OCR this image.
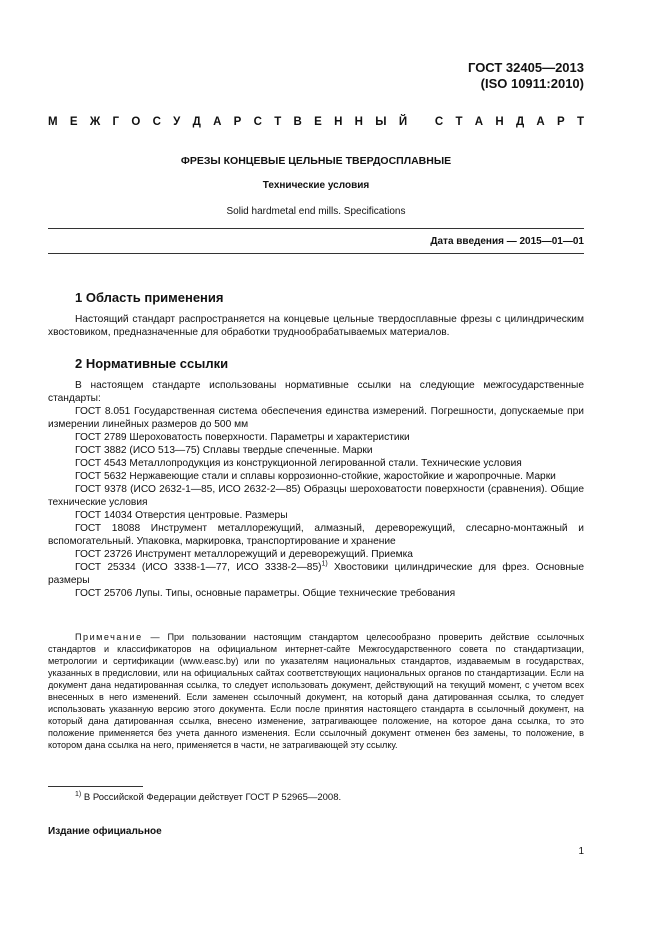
ГОСТ 32405—2013
(ISO 10911:2010)
М Е Ж Г О С У Д А Р С Т В Е Н Н Ы Й
С Т А Н Д А Р Т
ФРЕЗЫ КОНЦЕВЫЕ ЦЕЛЬНЫЕ ТВЕРДОСПЛАВНЫЕ
Технические условия
Solid hardmetal end mills. Specifications
Дата введения — 2015—01—01
1 Область применения

Настоящий стандарт распространяется на концевые цельные твердосплавные фрезы с цилиндрическим хвостовиком, предназначенные для обработки труднообрабатываемых материалов.

2 Нормативные ссылки

В настоящем стандарте использованы нормативные ссылки на следующие межгосударственные стандарты:

ГОСТ 8.051 Государственная система обеспечения единства измерений. Погрешности, допускаемые при измерении линейных размеров до 500 мм

ГОСТ 2789 Шероховатость поверхности. Параметры и характеристики

ГОСТ 3882 (ИСО 513—75) Сплавы твердые спеченные. Марки

ГОСТ 4543 Металлопродукция из конструкционной легированной стали. Технические условия

ГОСТ 5632 Нержавеющие стали и сплавы коррозионно-стойкие, жаростойкие и жаропрочные. Марки

ГОСТ 9378 (ИСО 2632-1—85, ИСО 2632-2—85) Образцы шероховатости поверхности (сравнения). Общие технические условия

ГОСТ 14034 Отверстия центровые. Размеры

ГОСТ 18088 Инструмент металлорежущий, алмазный, дереворежущий, слесарно-монтажный и вспомогательный. Упаковка, маркировка, транспортирование и хранение

ГОСТ 23726 Инструмент металлорежущий и дереворежущий. Приемка

ГОСТ 25334 (ИСО 3338-1—77, ИСО 3338-2—85)$^{1)}$ Хвостовики цилиндрические для фрез. Основные размеры

ГОСТ 25706 Лупы. Типы, основные параметры. Общие технические требования

Примечание — При пользовании настоящим стандартом целесообразно проверить действие ссылочных стандартов и классификаторов на официальном интернет-сайте Межгосударственного совета по стандартизации, метрологии и сертификации (www.easc.by) или по указателям национальных стандартов, издаваемым в государствах, указанных в предисловии, или на официальных сайтах соответствующих национальных органов по стандартизации. Если на документ дана недатированная ссылка, то следует использовать документ, действующий на текущий момент, с учетом всех внесенных в него изменений. Если заменен ссылочный документ, на который дана датированная ссылка, то следует использовать указанную версию этого документа. Если после принятия настоящего стандарта в ссылочный документ, на который дана датированная ссылка, внесено изменение, затрагивающее положение, на которое дана ссылка, то это положение применяется без учета данного изменения. Если ссылочный документ отменен без замены, то положение, в котором дана ссылка на него, применяется в части, не затрагивающей эту ссылку.

$^{1)}$ В Российской Федерации действует ГОСТ Р 52965—2008.
Издание официальное
1
